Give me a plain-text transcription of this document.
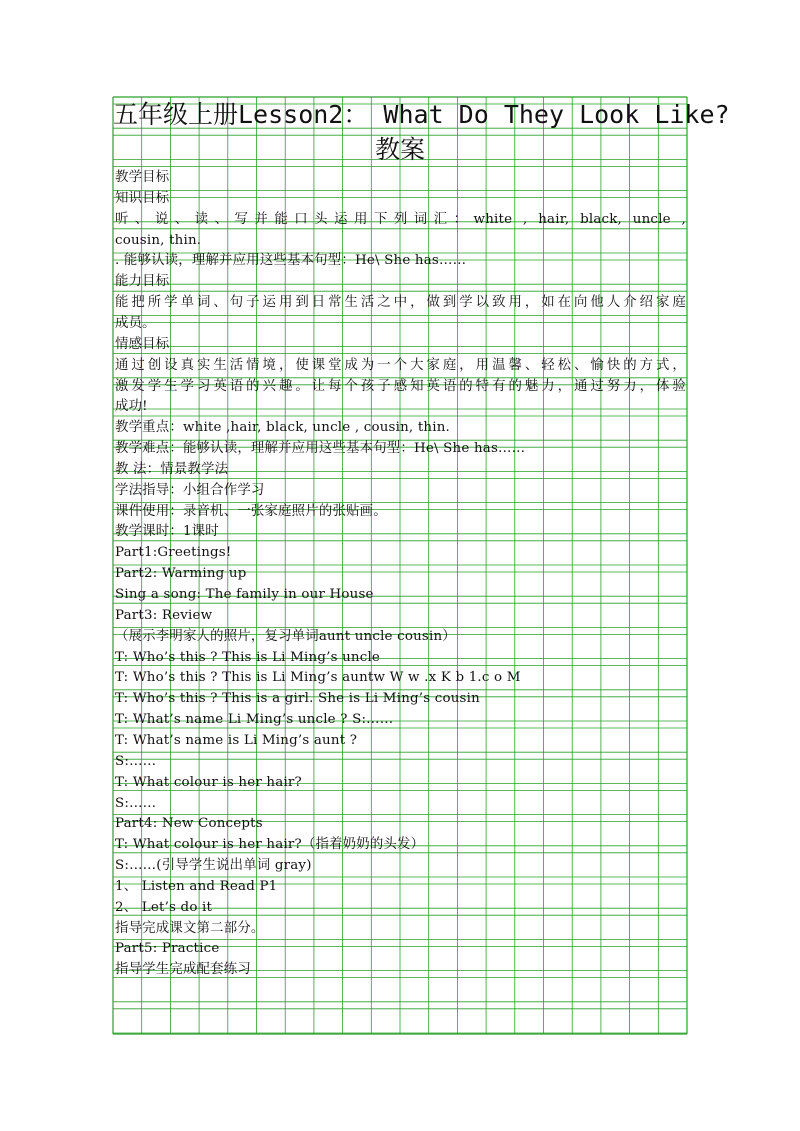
五年级上册Lesson2： What Do They Look Like?
教案
教学目标
知识目标
听、说、读、写并能口头运用下列词汇：white , hair, black, uncle ,
cousin, thin.
. 能够认读，理解并应用这些基本句型：He\ She has……
能力目标
能把所学单词、句子运用到日常生活之中，做到学以致用，如在向他人介绍家庭
成员。
情感目标
通过创设真实生活情境，使课堂成为一个大家庭，用温馨、轻松、愉快的方式，
激发学生学习英语的兴趣。让每个孩子感知英语的特有的魅力，通过努力，体验
成功!
教学重点：white ,hair, black, uncle , cousin, thin.
教学难点：能够认读，理解并应用这些基本句型：He\ She has……
教 法：情景教学法
学法指导：小组合作学习
课件使用：录音机、一张家庭照片的张贴画。
教学课时：1课时
Part1:Greetings!
Part2: Warming up
Sing a song: The family in our House
Part3: Review
（展示李明家人的照片，复习单词aunt uncle cousin）
T: Who’s this ? This is Li Ming’s uncle
T: Who’s this ? This is Li Ming’s auntw W w .x K b 1.c o M
T: Who’s this ? This is a girl. She is Li Ming’s cousin
T: What’s name Li Ming’s uncle ? S:……
T: What’s name is Li Ming’s aunt ?
S:……
T: What colour is her hair?
S:……
Part4: New Concepts
T: What colour is her hair?（指着奶奶的头发）
S:……(引导学生说出单词 gray)
1、 Listen and Read P1
2、 Let’s do it
指导完成课文第二部分。
Part5: Practice
指导学生完成配套练习
